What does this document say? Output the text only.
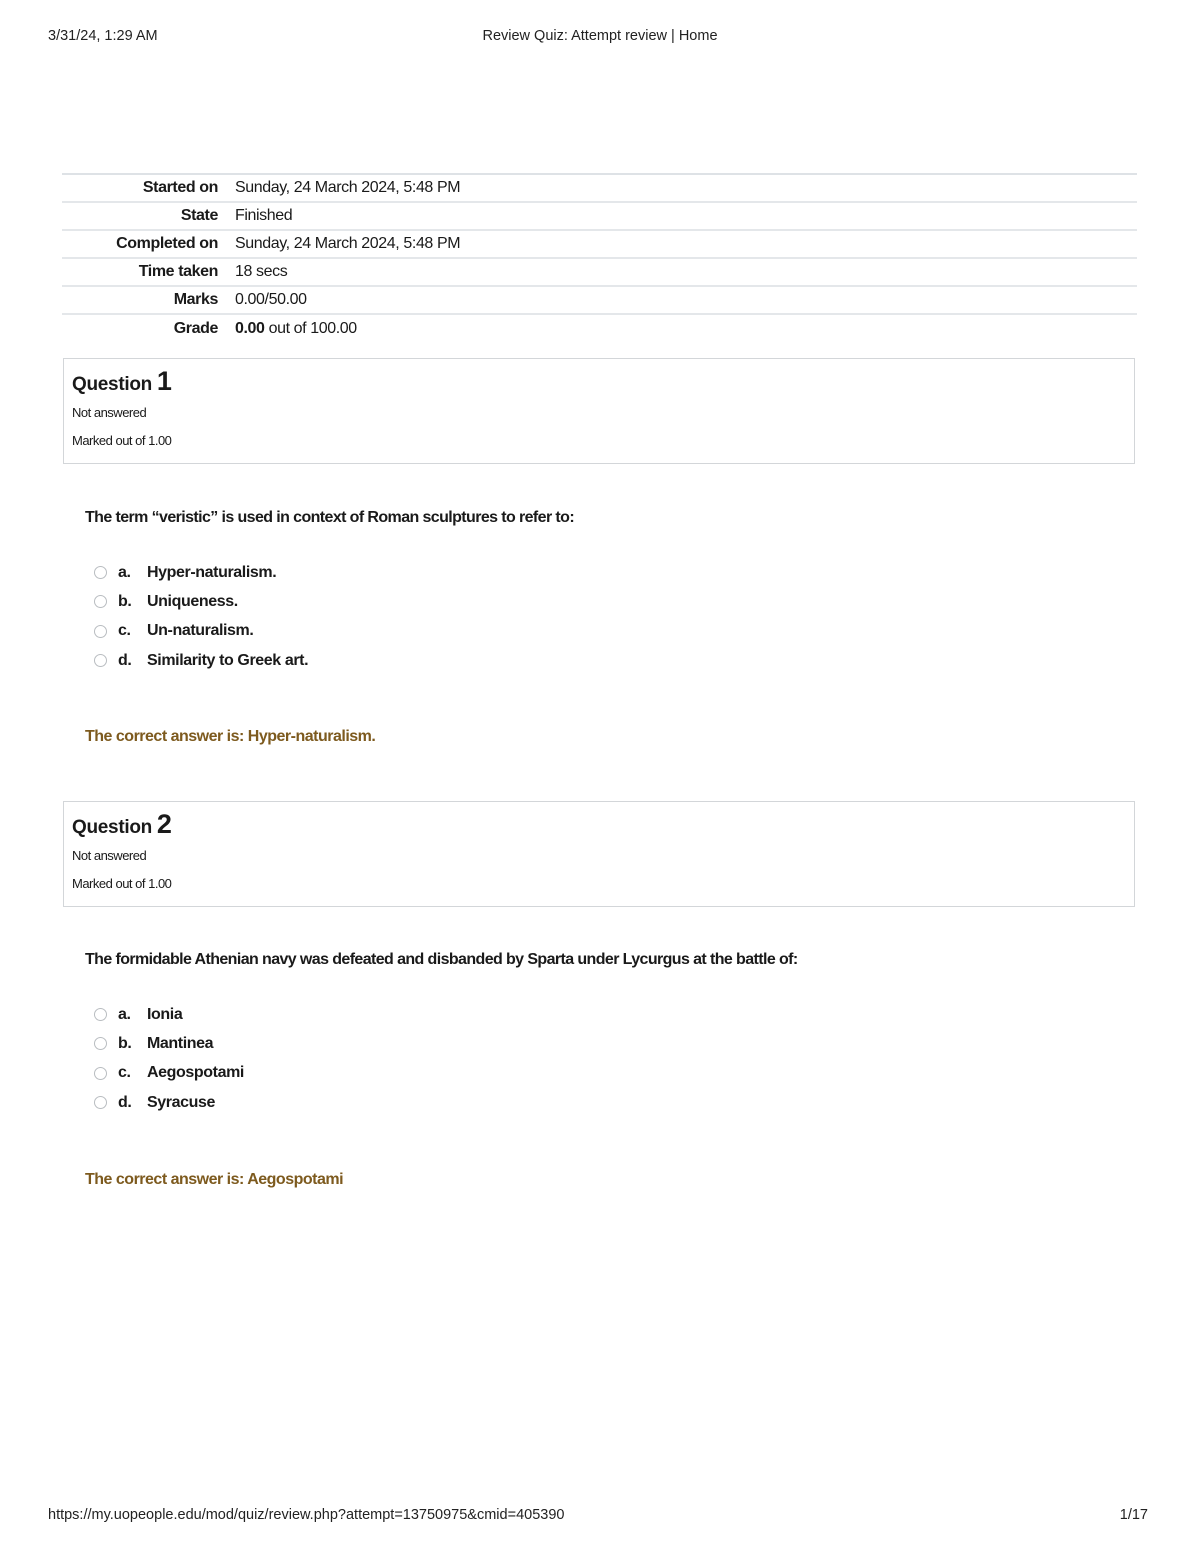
3/31/24, 1:29 AM	Review Quiz: Attempt review | Home
Started on	Sunday, 24 March 2024, 5:48 PM
State	Finished
Completed on	Sunday, 24 March 2024, 5:48 PM
Time taken	18 secs
Marks	0.00/50.00
Grade	0.00 out of 100.00
Question 1
Not answered
Marked out of 1.00
The term “veristic” is used in context of Roman sculptures to refer to:
a.	Hyper-naturalism.
b. Uniqueness.
c.	Un-naturalism.
d. Similarity to Greek art.
The correct answer is: Hyper-naturalism.
Question 2
Not answered
Marked out of 1.00
The formidable Athenian navy was defeated and disbanded by Sparta under Lycurgus at the battle of:
a.	Ionia
b. Mantinea
c.	Aegospotami
d. Syracuse
The correct answer is: Aegospotami
https://my.uopeople.edu/mod/quiz/review.php?attempt=13750975&cmid=405390	1/17
